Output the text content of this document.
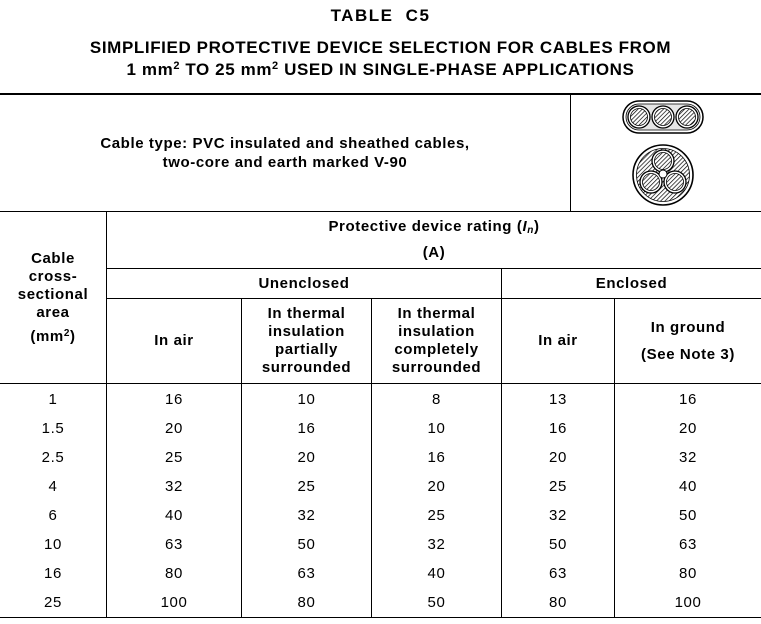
TABLE C5
SIMPLIFIED PROTECTIVE DEVICE SELECTION FOR CABLES FROM
1 $mm^2$ TO 25 $mm^2$ USED IN SINGLE-PHASE APPLICATIONS
Cable type: PVC insulated and sheathed cables,
two-core and earth marked V-90
Cable
cross-
sectional
area
$(mm^2)$
Protective device rating $(I_n)$
(A)
Unenclosed	Enclosed
In air
In thermal
insulation
partially
surrounded
In thermal
insulation
completely
surrounded
In air
In ground
(See Note 3)
1	16	10	8	13	16
1.5	20	16	10	16	20
2.5	25	20	16	20	32
4	32	25	20	25	40
6	40	32	25	32	50
10	63	50	32	50	63
16	80	63	40	63	80
25	100	80	50	80	100
